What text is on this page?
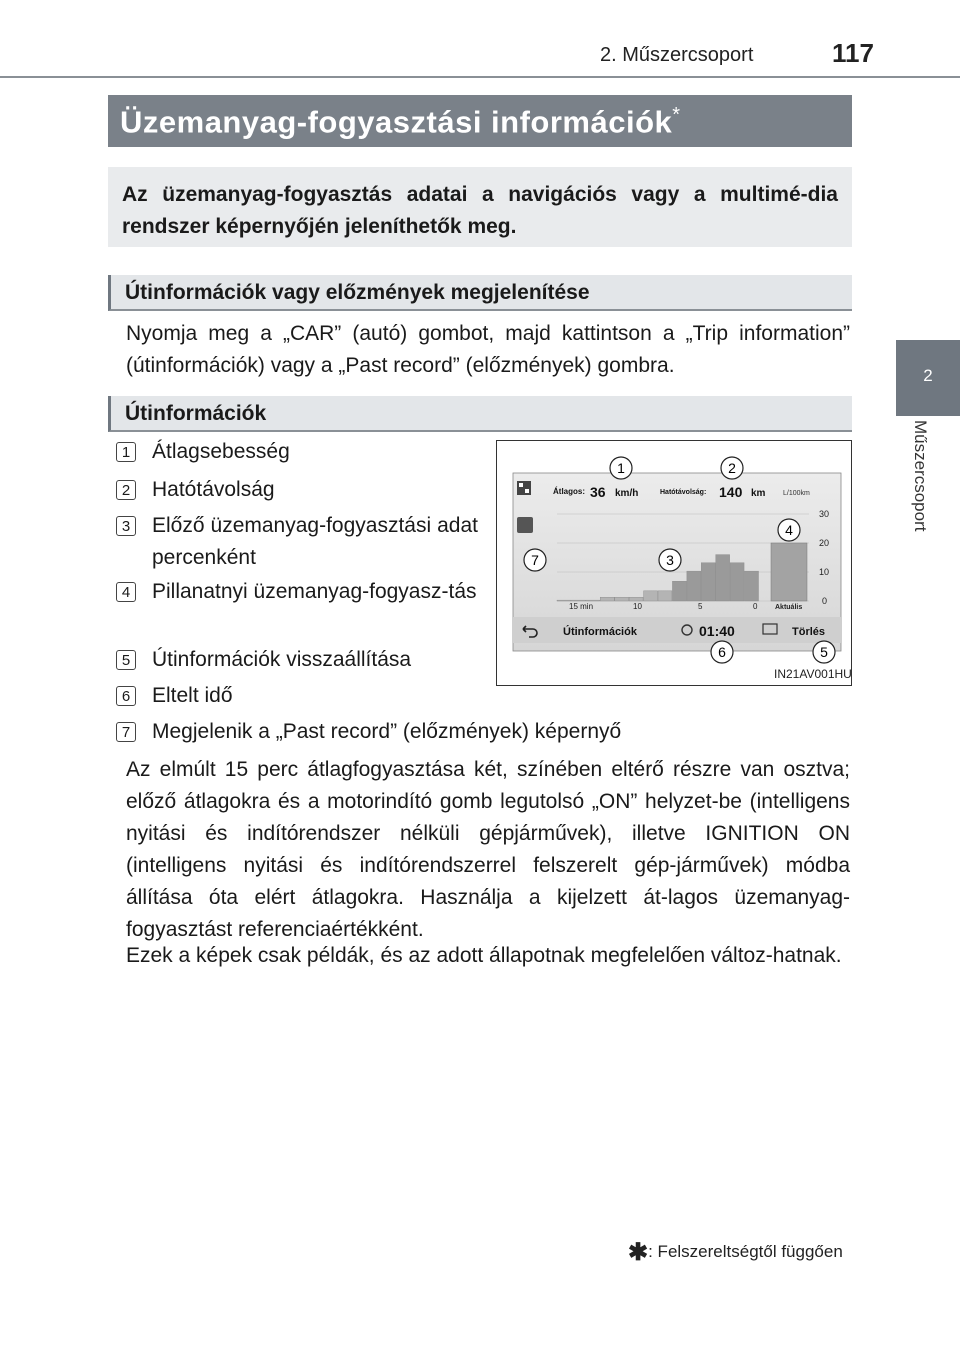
2. Műszercsoport	117
2
Műszercsoport
Üzemanyag-fogyasztási információk*

Az üzemanyag-fogyasztás adatai a navigációs vagy a multimé-dia rendszer képernyőjén jeleníthetők meg.

Útinformációk vagy előzmények megjelenítése

Nyomja meg a „CAR” (autó) gombot, majd kattintson a „Trip information” (útinformációk) vagy a „Past record” (előzmények) gombra.

Útinformációk
1 Átlagsebesség
2 Hatótávolság
3 Előző üzemanyag-fogyasztási adat percenként
4 Pillanatnyi üzemanyag-fogyasz-tás
5 Útinformációk visszaállítása
6 Eltelt idő
7 Megjelenik a „Past record” (előzmények) képernyő
Átlagos: 36 km/h	Hatótávolság: 140 km	L/100km
30
20
10
0
15 min	10	5	0	Aktuális
Útinformációk	01:40	Törlés
1	2
3
4
5
6
7
IN21AV001HU

Az elmúlt 15 perc átlagfogyasztása két, színében eltérő részre van osztva; előző átlagokra és a motorindító gomb legutolsó „ON” helyzet-be (intelligens nyitási és indítórendszer nélküli gépjárművek), illetve IGNITION ON (intelligens nyitási és indítórendszerrel felszerelt gép-járművek) módba állítása óta elért átlagokra. Használja a kijelzett át-lagos üzemanyag-fogyasztást referenciaértékként.

Ezek a képek csak példák, és az adott állapotnak megfelelően változ-hatnak.

✱: Felszereltségtől függően
